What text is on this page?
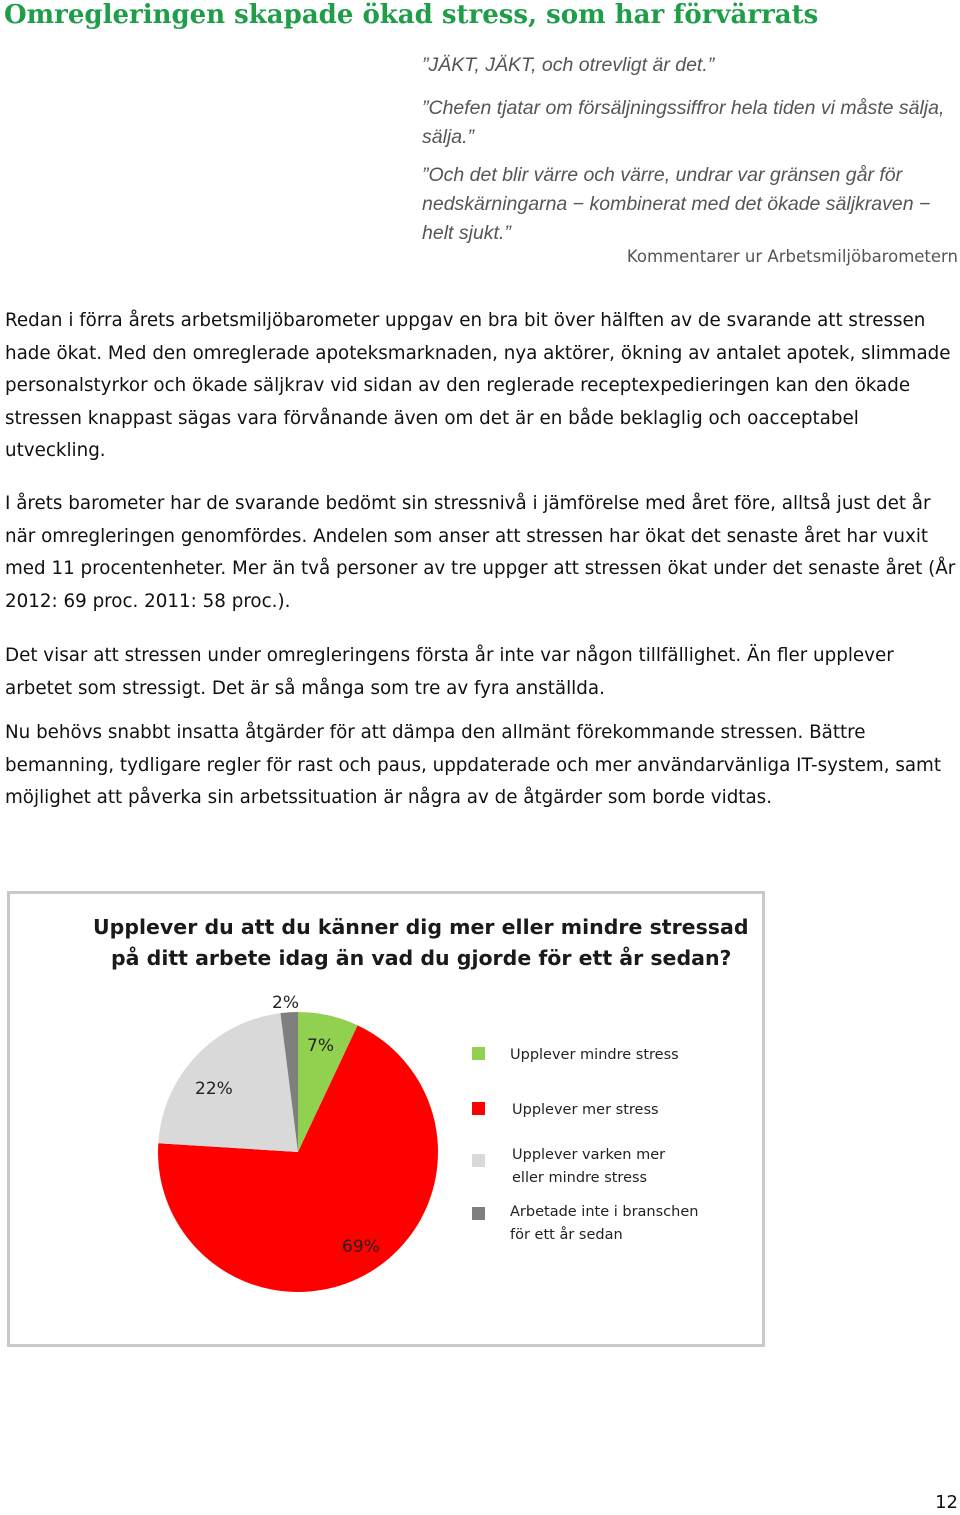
Omregleringen skapade ökad stress, som har förvärrats
”JÄKT, JÄKT, och otrevligt är det.”
”Chefen tjatar om försäljningssiffror hela tiden vi måste sälja, sälja.”
”Och det blir värre och värre, undrar var gränsen går för nedskärningarna − kombinerat med det ökade säljkraven − helt sjukt.”
Kommentarer ur Arbetsmiljöbarometern

Redan i förra årets arbetsmiljöbarometer uppgav en bra bit över hälften av de svarande att stressen hade ökat. Med den omreglerade apoteksmarknaden, nya aktörer, ökning av antalet apotek, slimmade personalstyrkor och ökade säljkrav vid sidan av den reglerade receptexpedieringen kan den ökade stressen knappast sägas vara förvånande även om det är en både beklaglig och oacceptabel utveckling.

I årets barometer har de svarande bedömt sin stressnivå i jämförelse med året före, alltså just det år när omregleringen genomfördes. Andelen som anser att stressen har ökat det senaste året har vuxit med 11 procentenheter. Mer än två personer av tre uppger att stressen ökat under det senaste året (År 2012: 69 proc. 2011: 58 proc.).

Det visar att stressen under omregleringens första år inte var någon tillfällighet. Än fler upplever arbetet som stressigt. Det är så många som tre av fyra anställda.

Nu behövs snabbt insatta åtgärder för att dämpa den allmänt förekommande stressen. Bättre bemanning, tydligare regler för rast och paus, uppdaterade och mer användarvänliga IT-system, samt möjlighet att påverka sin arbetssituation är några av de åtgärder som borde vidtas.

Upplever du att du känner dig mer eller mindre stressad
på ditt arbete idag än vad du gjorde för ett år sedan?
7%
69%
22%
2%
Upplever mindre stress
Upplever mer stress
Upplever varken mer
eller mindre stress
Arbetade inte i branschen
för ett år sedan
12
